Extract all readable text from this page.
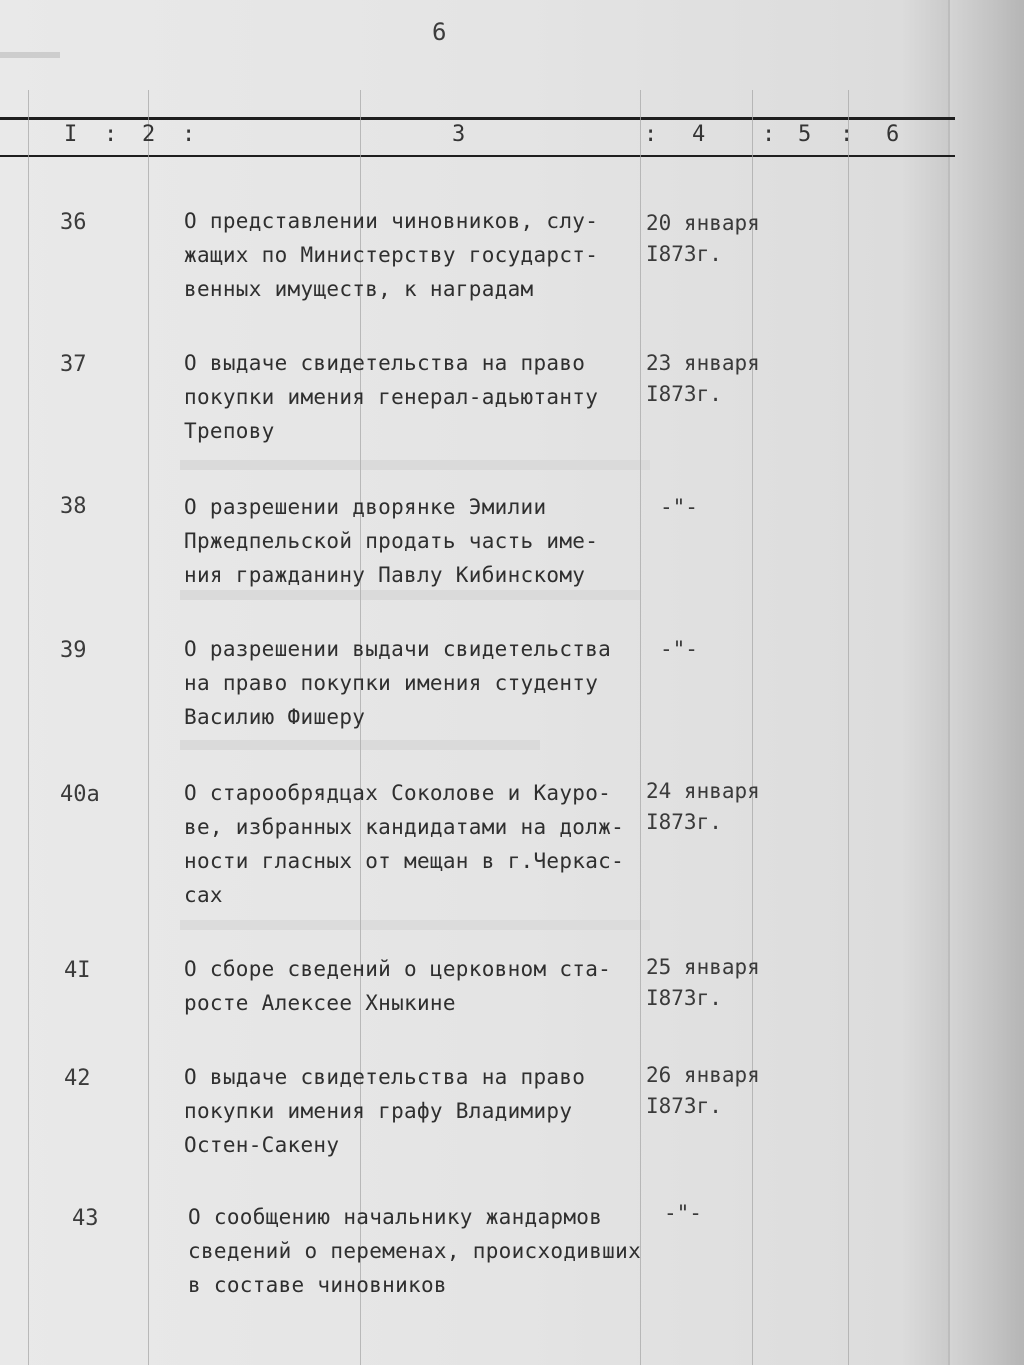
6
I : 2 :	3	: 4	: 5 : 6
36	О представлении чиновников, слу-
жащих по Министерству государст-
венных имуществ, к наградам
20 января
I873г.
37	О выдаче свидетельства на право
покупки имения генерал-адьютанту
Трепову
23 января
I873г.
38	О разрешении дворянке Эмилии
Пржедпельской продать часть име-
ния гражданину Павлу Кибинскому
-"-
39	О разрешении выдачи свидетельства
на право покупки имения студенту
Василию Фишеру
-"-
40а	О старообрядцах Соколове и Кауро-
ве, избранных кандидатами на долж-
ности гласных от мещан в г.Черкас-
сах
24 января
I873г.
4I	О сборе сведений о церковном ста-
росте Алексее Хныкине
25 января
I873г.
42	О выдаче свидетельства на право
покупки имения графу Владимиру
Остен-Сакену
26 января
I873г.
43	О сообщению начальнику жандармов
сведений о переменах, происходивших
в составе чиновников
-"-
